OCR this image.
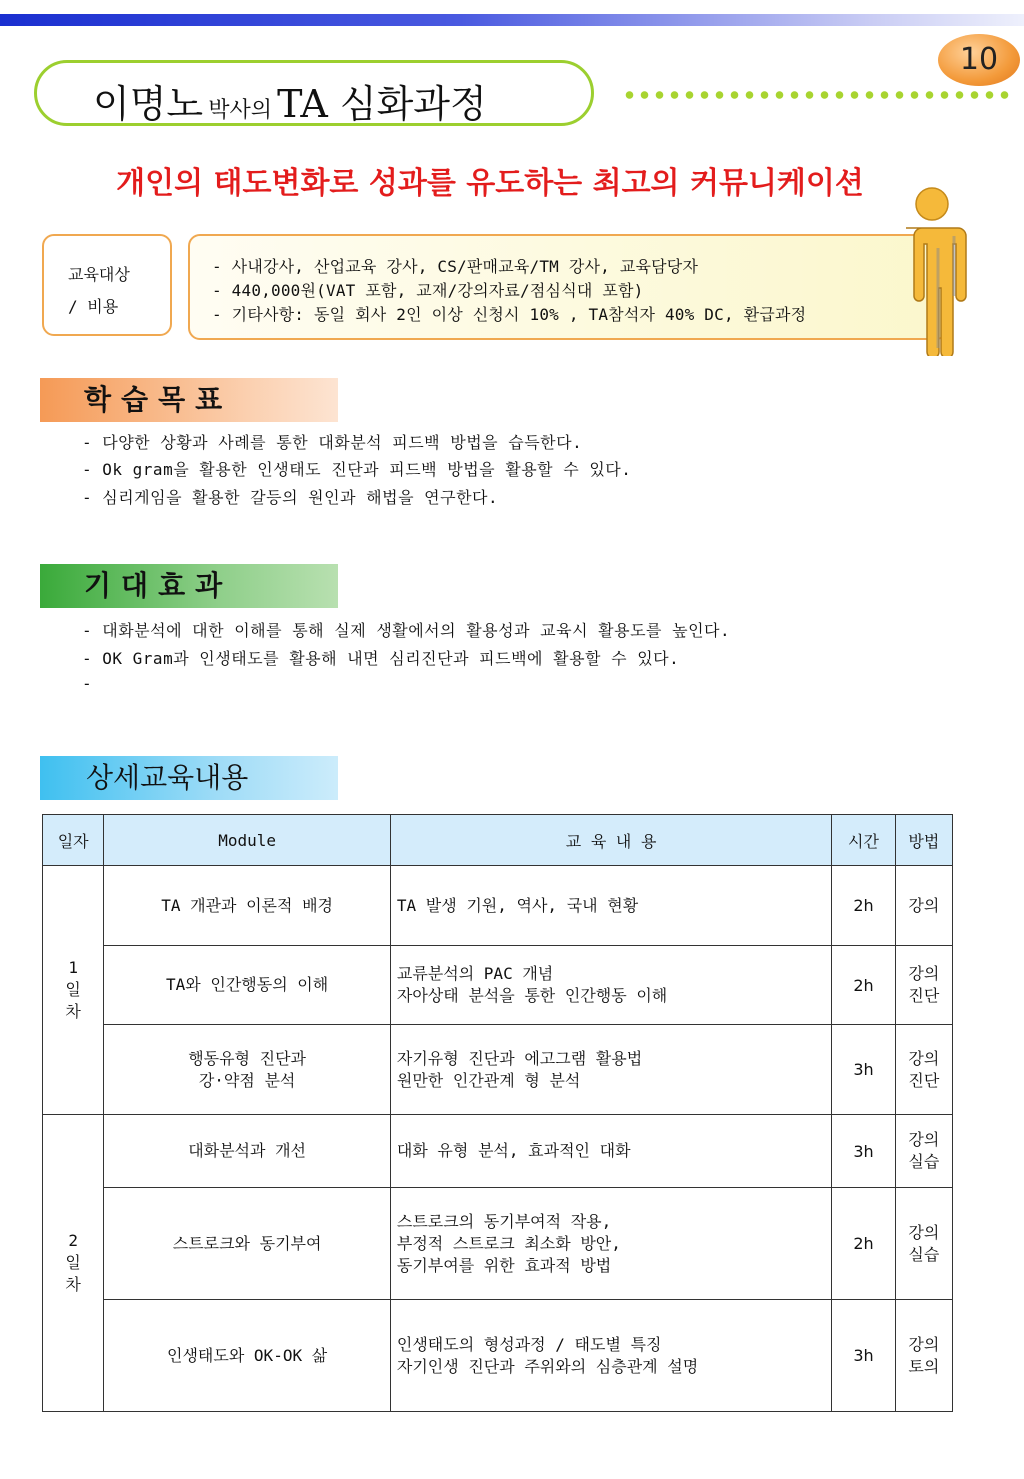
10
이명노 박사의 TA 심화과정
개인의 태도변화로 성과를 유도하는 최고의 커뮤니케이션
교육대상
/ 비용
- 사내강사, 산업교육 강사, CS/판매교육/TM 강사, 교육담당자
- 440,000원(VAT 포함, 교재/강의자료/점심식대 포함)
- 기타사항: 동일 회사 2인 이상 신청시 10% , TA참석자 40% DC, 환급과정
학습목표
- 다양한 상황과 사례를 통한 대화분석 피드백 방법을 습득한다.
- Ok gram을 활용한 인생태도 진단과 피드백 방법을 활용할 수 있다.
- 심리게임을 활용한 갈등의 원인과 해법을 연구한다.
기대효과
- 대화분석에 대한 이해를 통해 실제 생활에서의 활용성과 교육시 활용도를 높인다.
- OK Gram과 인생태도를 활용해 내면 심리진단과 피드백에 활용할 수 있다.
-
상세교육내용
일자	Module	교 육 내 용	시간	방법

1
일
차	TA 개관과 이론적 배경	TA 발생 기원, 역사, 국내 현황	2h	강의

	TA와 인간행동의 이해	교류분석의 PAC 개념
자아상태 분석을 통한 인간행동 이해	2h	강의
진단

	행동유형 진단과
강·약점 분석	자기유형 진단과 에고그램 활용법
원만한 인간관계 형 분석	3h	강의
진단

2
일
차	대화분석과 개선	대화 유형 분석, 효과적인 대화	3h	강의
실습

	스트로크와 동기부여	스트로크의 동기부여적 작용,
부정적 스트로크 최소화 방안,
동기부여를 위한 효과적 방법	2h	강의
실습

	인생태도와 OK-OK 삶	인생태도의 형성과정 / 태도별 특징
자기인생 진단과 주위와의 심층관계 설명	3h	강의
토의
